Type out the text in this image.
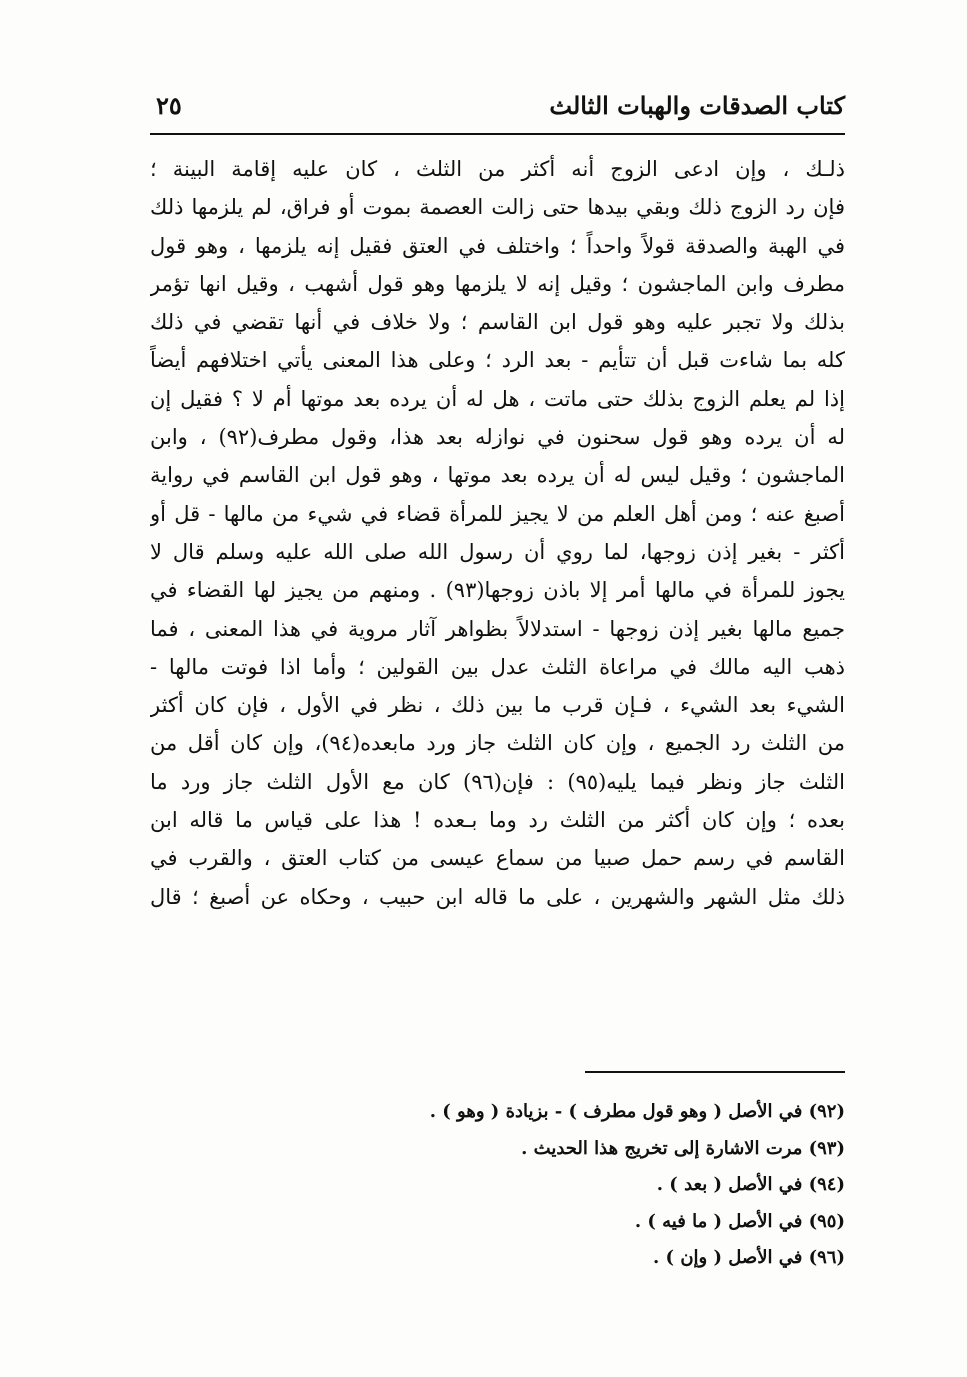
كتاب الصدقات والهبات الثالث
٢٥
ذلـك ، وإن ادعى الزوج أنه أكثر من الثلث ، كان عليه إقامة البينة ؛
فإن رد الزوج ذلك وبقي بيدها حتى زالت العصمة بموت أو فراق، لم يلزمها ذلك
في الهبة والصدقة قولاً واحداً ؛ واختلف في العتق فقيل إنه يلزمها ، وهو قول
مطرف وابن الماجشون ؛ وقيل إنه لا يلزمها وهو قول أشهب ، وقيل انها تؤمر
بذلك ولا تجبر عليه وهو قول ابن القاسم ؛ ولا خلاف في أنها تقضي في ذلك
كله بما شاءت قبل أن تتأيم - بعد الرد ؛ وعلى هذا المعنى يأتي اختلافهم أيضاً
إذا لم يعلم الزوج بذلك حتى ماتت ، هل له أن يرده بعد موتها أم لا ؟ فقيل إن
له أن يرده وهو قول سحنون في نوازله بعد هذا، وقول مطرف(٩٢) ، وابن
الماجشون ؛ وقيل ليس له أن يرده بعد موتها ، وهو قول ابن القاسم في رواية
أصبغ عنه ؛ ومن أهل العلم من لا يجيز للمرأة قضاء في شيء من مالها - قل أو
أكثر - بغير إذن زوجها، لما روي أن رسول الله صلى الله عليه وسلم قال لا
يجوز للمرأة في مالها أمر إلا باذن زوجها(٩٣) . ومنهم من يجيز لها القضاء في
جميع مالها بغير إذن زوجها - استدلالاً بظواهر آثار مروية في هذا المعنى ، فما
ذهب اليه مالك في مراعاة الثلث عدل بين القولين ؛ وأما اذا فوتت مالها -
الشيء بعد الشيء ، فـإن قرب ما بين ذلك ، نظر في الأول ، فإن كان أكثر
من الثلث رد الجميع ، وإن كان الثلث جاز ورد مابعده(٩٤)، وإن كان أقل من
الثلث جاز ونظر فيما يليه(٩٥) : فإن(٩٦) كان مع الأول الثلث جاز ورد ما
بعده ؛ وإن كان أكثر من الثلث رد وما بـعده ! هذا على قياس ما قاله ابن
القاسم في رسم حمل صبيا من سماع عيسى من كتاب العتق ، والقرب في
ذلك مثل الشهر والشهرين ، على ما قاله ابن حبيب ، وحكاه عن أصبغ ؛ قال
(٩٢) في الأصل ( وهو قول مطرف ) - بزيادة ( وهو ) .
(٩٣) مرت الاشارة إلى تخريج هذا الحديث .
(٩٤) في الأصل ( بعد ) .
(٩٥) في الأصل ( ما فيه ) .
(٩٦) في الأصل ( وإن ) .
